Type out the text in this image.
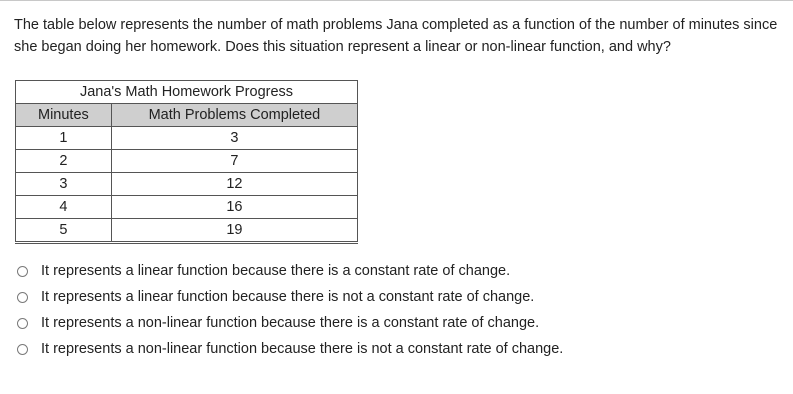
The table below represents the number of math problems Jana completed as a function of the number of minutes since she began doing her homework. Does this situation represent a linear or non-linear function, and why?

Jana's Math Homework Progress	
Minutes	Math Problems Completed
1	3
2	7
3	12
4	16
5	19
It represents a linear function because there is a constant rate of change.
It represents a linear function because there is not a constant rate of change.
It represents a non-linear function because there is a constant rate of change.
It represents a non-linear function because there is not a constant rate of change.
